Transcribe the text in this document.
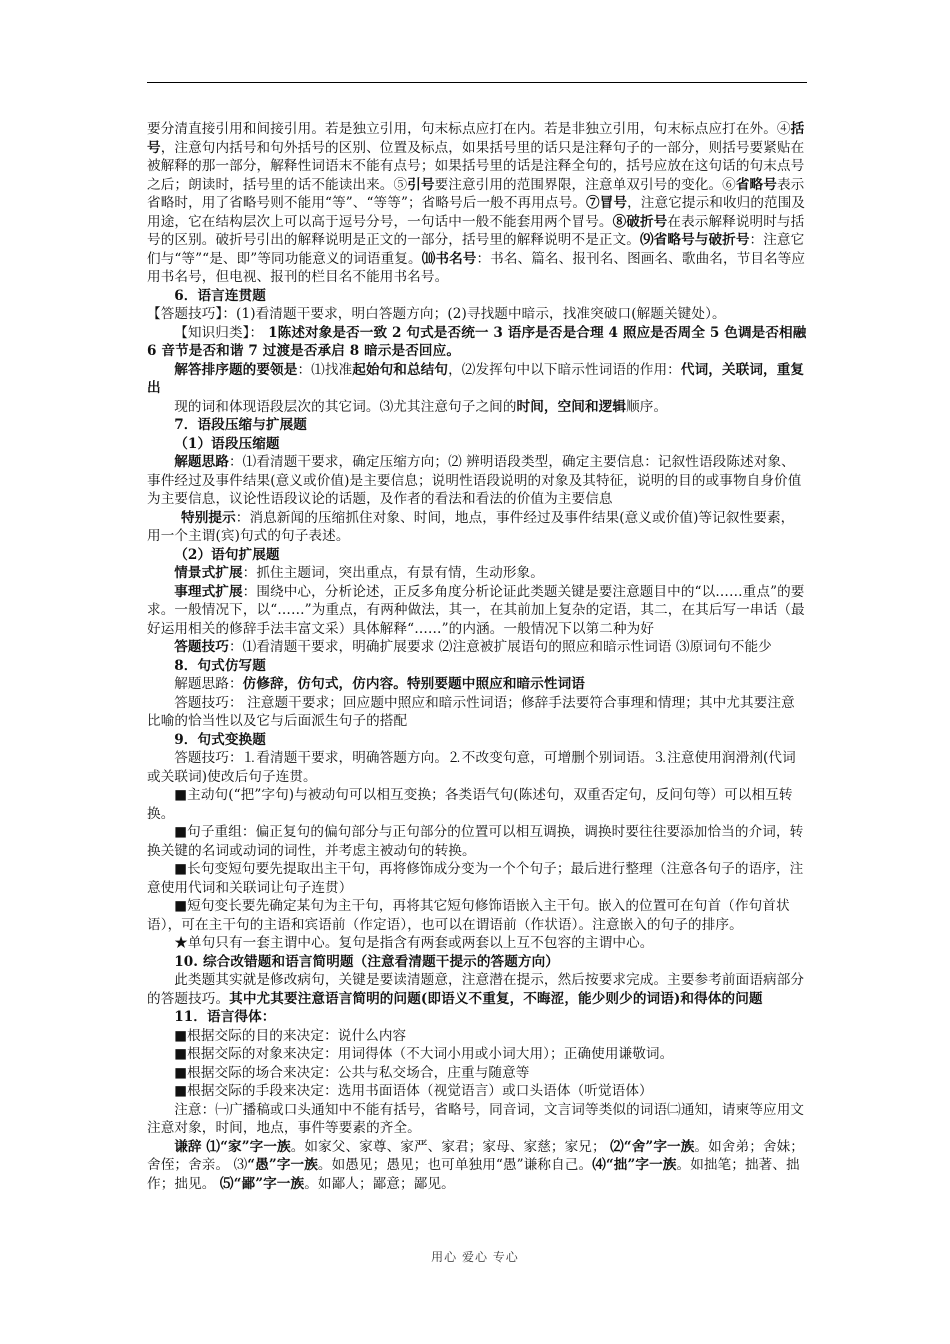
要分清直接引用和间接引用。若是独立引用，句末标点应打在内。若是非独立引用，句末标点应打在外。④括号，注意句内括号和句外括号的区别、位置及标点，如果括号里的话只是注释句子的一部分，则括号要紧贴在被解释的那一部分，解释性词语末不能有点号；如果括号里的话是注释全句的，括号应放在这句话的句末点号之后；朗读时，括号里的话不能读出来。⑤引号要注意引用的范围界限，注意单双引号的变化。⑥省略号表示省略时，用了省略号则不能用“等”、“等等”；省略号后一般不再用点号。⑦冒号，注意它提示和收归的范围及用途，它在结构层次上可以高于逗号分号，一句话中一般不能套用两个冒号。⑧破折号在表示解释说明时与括号的区别。破折号引出的解释说明是正文的一部分，括号里的解释说明不是正文。⑼省略号与破折号：注意它们与“等”“是、即”等同功能意义的词语重复。⑽书名号：书名、篇名、报刊名、图画名、歌曲名，节目名等应用书名号，但电视、报刊的栏目名不能用书名号。

6．语言连贯题

【答题技巧】：(1)看清题干要求，明白答题方向；(2)寻找题中暗示，找准突破口(解题关键处）。

【知识归类】： 1陈述对象是否一致 2 句式是否统一 3 语序是否是合理 4 照应是否周全 5 色调是否相融 6 音节是否和谐 7 过渡是否承启 8 暗示是否回应。

解答排序题的要领是：⑴找准起始句和总结句，⑵发挥句中以下暗示性词语的作用：代词，关联词，重复出

现的词和体现语段层次的其它词。⑶尤其注意句子之间的时间，空间和逻辑顺序。

7．语段压缩与扩展题

（1）语段压缩题

解题思路：⑴看清题干要求，确定压缩方向；⑵ 辨明语段类型，确定主要信息：记叙性语段陈述对象、事件经过及事件结果(意义或价值)是主要信息；说明性语段说明的对象及其特征，说明的目的或事物自身价值为主要信息，议论性语段议论的话题，及作者的看法和看法的价值为主要信息

特别提示：消息新闻的压缩抓住对象、时间，地点，事件经过及事件结果(意义或价值)等记叙性要素，用一个主谓(宾)句式的句子表述。

（2）语句扩展题

情景式扩展：抓住主题词，突出重点，有景有情，生动形象。

事理式扩展：围绕中心，分析论述，正反多角度分析论证此类题关键是要注意题目中的“以……重点”的要求。一般情况下，以“……”为重点，有两种做法，其一，在其前加上复杂的定语，其二，在其后写一串话（最好运用相关的修辞手法丰富文采）具体解释“……”的内涵。一般情况下以第二种为好

答题技巧：⑴看清题干要求，明确扩展要求 ⑵注意被扩展语句的照应和暗示性词语 ⑶原词句不能少

8．句式仿写题

解题思路：仿修辞，仿句式，仿内容。特别要题中照应和暗示性词语

答题技巧： 注意题干要求；回应题中照应和暗示性词语；修辞手法要符合事理和情理；其中尤其要注意比喻的恰当性以及它与后面派生句子的搭配

9．句式变换题

答题技巧：⒈看清题干要求，明确答题方向。⒉不改变句意，可增删个别词语。⒊注意使用润滑剂(代词或关联词)使改后句子连贯。

■主动句(“把”字句)与被动句可以相互变换；各类语气句(陈述句，双重否定句，反问句等）可以相互转换。

■句子重组：偏正复句的偏句部分与正句部分的位置可以相互调换，调换时要往往要添加恰当的介词，转换关键的名词或动词的词性，并考虑主被动句的转换。

■长句变短句要先提取出主干句，再将修饰成分变为一个个句子；最后进行整理（注意各句子的语序，注意使用代词和关联词让句子连贯）

■短句变长要先确定某句为主干句，再将其它短句修饰语嵌入主干句。嵌入的位置可在句首（作句首状语），可在主干句的主语和宾语前（作定语），也可以在谓语前（作状语）。注意嵌入的句子的排序。

★单句只有一套主谓中心。复句是指含有两套或两套以上互不包容的主谓中心。

10. 综合改错题和语言简明题（注意看清题干提示的答题方向）

此类题其实就是修改病句，关键是要读清题意，注意潜在提示，然后按要求完成。主要参考前面语病部分的答题技巧。其中尤其要注意语言简明的问题(即语义不重复，不晦涩，能少则少的词语)和得体的问题

11．语言得体：

■根据交际的目的来决定：说什么内容

■根据交际的对象来决定：用词得体（不大词小用或小词大用）；正确使用谦敬词。

■根据交际的场合来决定：公共与私交场合，庄重与随意等

■根据交际的手段来决定：选用书面语体（视觉语言）或口头语体（听觉语体）

注意：㈠广播稿或口头通知中不能有括号，省略号，同音词，文言词等类似的词语㈡通知，请柬等应用文注意对象，时间，地点，事件等要素的齐全。

谦辞 ⑴“家”字一族。如家父、家尊、家严、家君；家母、家慈；家兄； ⑵“舍”字一族。如舍弟；舍妹；舍侄；舍亲。 ⑶“愚”字一族。如愚见；愚见；也可单独用“愚”谦称自己。⑷“拙”字一族。如拙笔；拙著、拙作；拙见。 ⑸“鄙”字一族。如鄙人；鄙意；鄙见。

用心 爱心 专心
